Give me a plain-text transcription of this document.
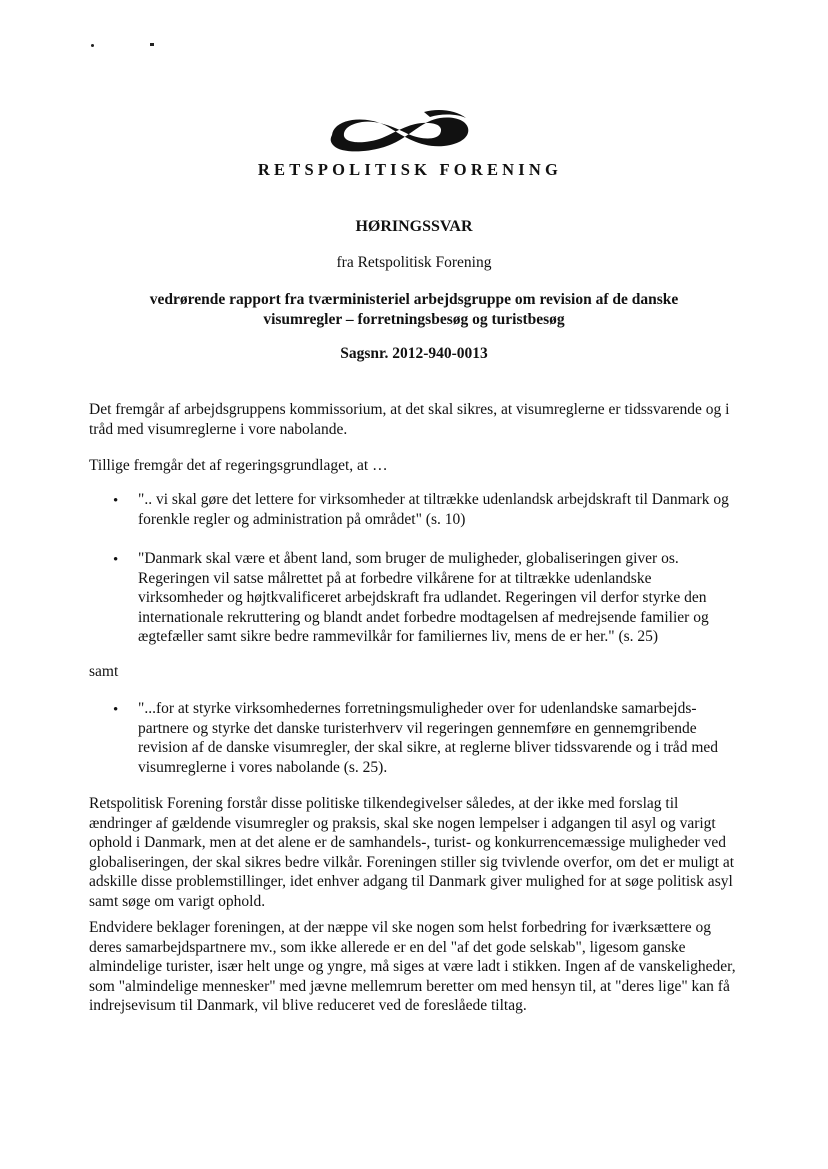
RETSPOLITISK FORENING
HØRINGSSVAR
fra Retspolitisk Forening
vedrørende rapport fra tværministeriel arbejdsgruppe om revision af de danske
visumregler – forretningsbesøg og turistbesøg
Sagsnr. 2012-940-0013

Det fremgår af arbejdsgruppens kommissorium, at det skal sikres, at visumreglerne er tidssvarende og i tråd med visumreglerne i vore nabolande.

Tillige fremgår det af regeringsgrundlaget, at …

• ".. vi skal gøre det lettere for virksomheder at tiltrække udenlandsk arbejdskraft til Danmark og forenkle regler og administration på området" (s. 10)

• "Danmark skal være et åbent land, som bruger de muligheder, globaliseringen giver os. Regeringen vil satse målrettet på at forbedre vilkårene for at tiltrække udenlandske virksomheder og højtkvalificeret arbejdskraft fra udlandet. Regeringen vil derfor styrke den internationale rekruttering og blandt andet forbedre modtagelsen af medrejsende familier og ægtefæller samt sikre bedre rammevilkår for familiernes liv, mens de er her." (s. 25)

samt

• "...for at styrke virksomhedernes forretningsmuligheder over for udenlandske samarbejds-partnere og styrke det danske turisterhverv vil regeringen gennemføre en gennemgribende revision af de danske visumregler, der skal sikre, at reglerne bliver tidssvarende og i tråd med visumreglerne i vores nabolande (s. 25).

Retspolitisk Forening forstår disse politiske tilkendegivelser således, at der ikke med forslag til ændringer af gældende visumregler og praksis, skal ske nogen lempelser i adgangen til asyl og varigt ophold i Danmark, men at det alene er de samhandels-, turist- og konkurrencemæssige muligheder ved globaliseringen, der skal sikres bedre vilkår. Foreningen stiller sig tvivlende overfor, om det er muligt at adskille disse problemstillinger, idet enhver adgang til Danmark giver mulighed for at søge politisk asyl samt søge om varigt ophold.

Endvidere beklager foreningen, at der næppe vil ske nogen som helst forbedring for iværksættere og deres samarbejdspartnere mv., som ikke allerede er en del "af det gode selskab", ligesom ganske almindelige turister, især helt unge og yngre, må siges at være ladt i stikken. Ingen af de vanskeligheder, som "almindelige mennesker" med jævne mellemrum beretter om med hensyn til, at "deres lige" kan få indrejsevisum til Danmark, vil blive reduceret ved de foreslåede tiltag.
